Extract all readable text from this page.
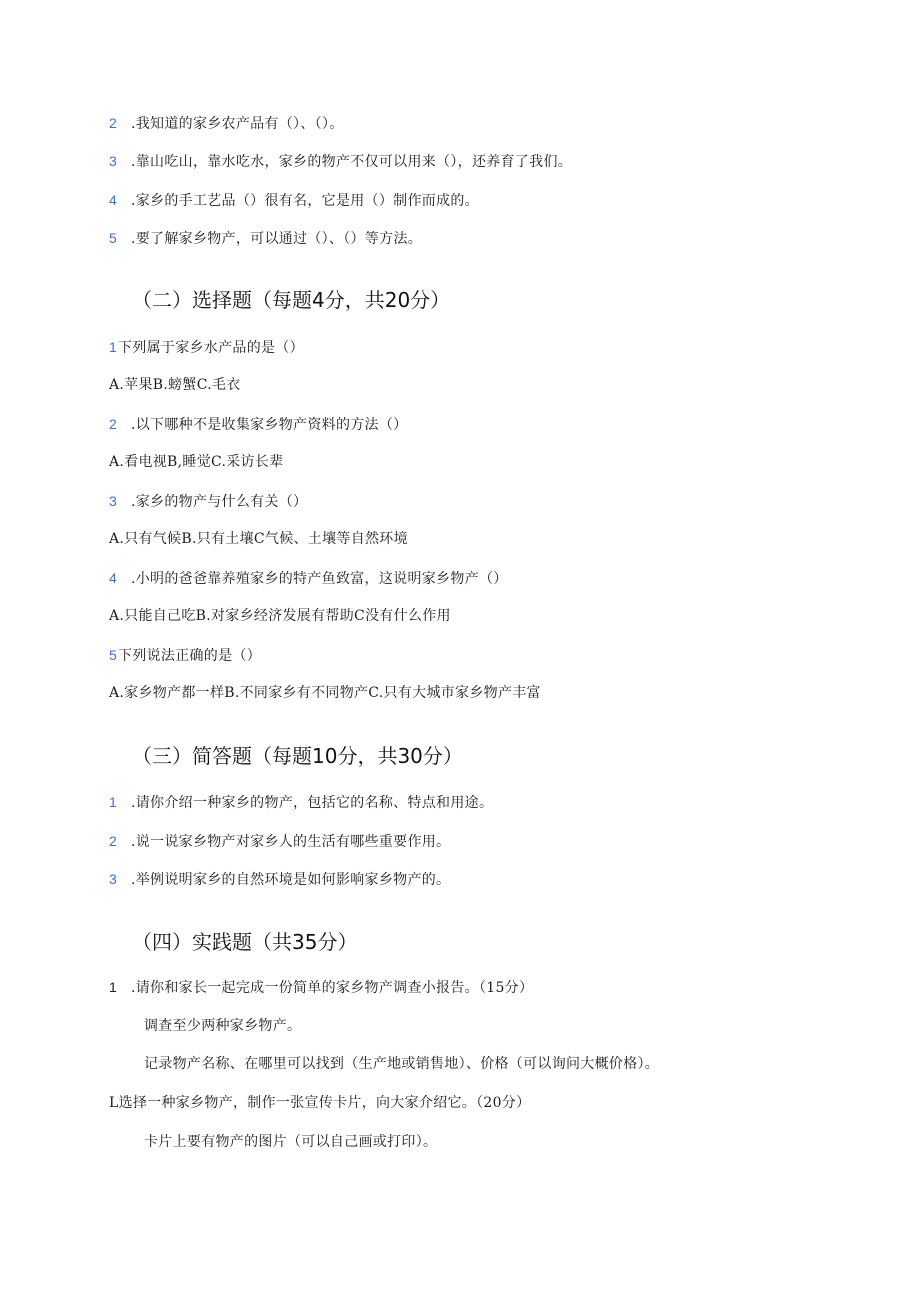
2 .我知道的家乡农产品有（）、（）。
3 .靠山吃山，靠水吃水，家乡的物产不仅可以用来（），还养育了我们。
4 .家乡的手工艺品（）很有名，它是用（）制作而成的。
5 .要了解家乡物产，可以通过（）、（）等方法。
（二）选择题（每题4分，共20分）
1下列属于家乡水产品的是（）
A.苹果B.螃蟹C.毛衣
2 .以下哪种不是收集家乡物产资料的方法（）
A.看电视B,睡觉C.采访长辈
3 .家乡的物产与什么有关（）
A.只有气候B.只有土壤C气候、土壤等自然环境
4 .小明的爸爸靠养殖家乡的特产鱼致富，这说明家乡物产（）
A.只能自己吃B.对家乡经济发展有帮助C没有什么作用
5下列说法正确的是（）
A.家乡物产都一样B.不同家乡有不同物产C.只有大城市家乡物产丰富
（三）简答题（每题10分，共30分）
1 .请你介绍一种家乡的物产，包括它的名称、特点和用途。
2 .说一说家乡物产对家乡人的生活有哪些重要作用。
3 .举例说明家乡的自然环境是如何影响家乡物产的。
（四）实践题（共35分）
1 .请你和家长一起完成一份简单的家乡物产调查小报告。（15分）
调查至少两种家乡物产。
记录物产名称、在哪里可以找到（生产地或销售地）、价格（可以询问大概价格）。
L选择一种家乡物产，制作一张宣传卡片，向大家介绍它。（20分）
卡片上要有物产的图片（可以自己画或打印）。
